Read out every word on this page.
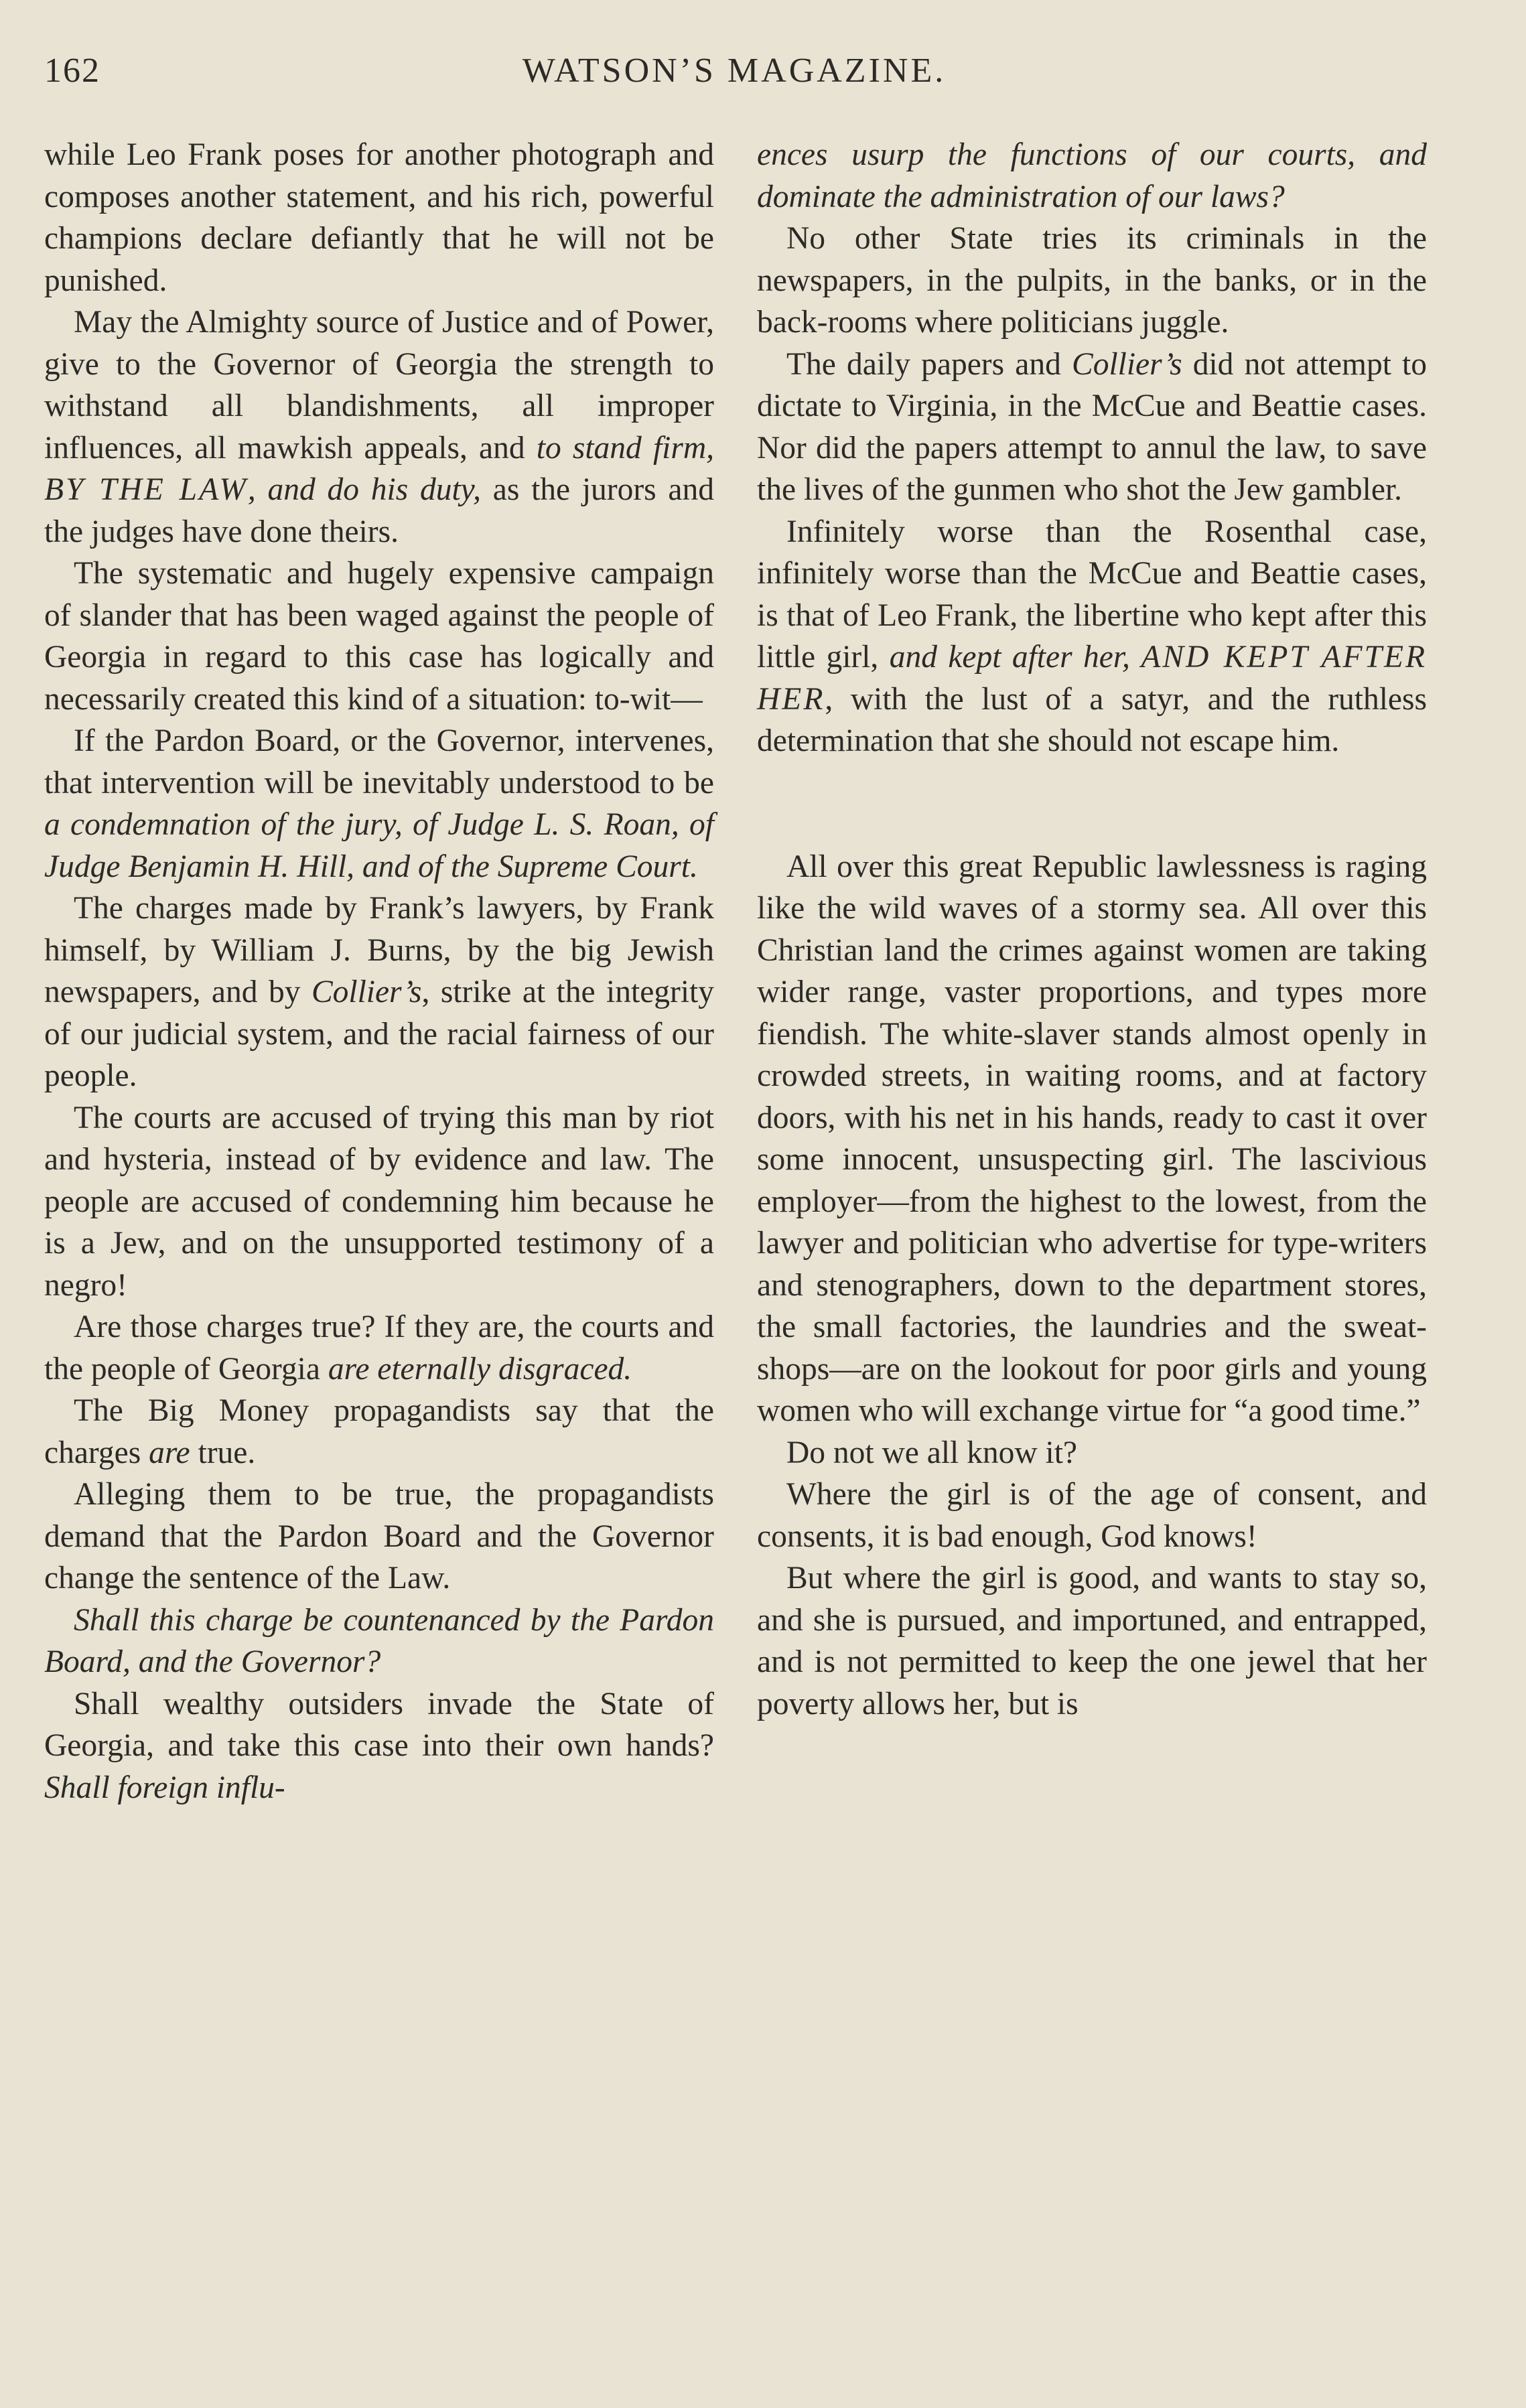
162	WATSON’S MAGAZINE.

while Leo Frank poses for another photograph and composes another statement, and his rich, powerful champions declare defiantly that he will not be punished.

May the Almighty source of Justice and of Power, give to the Governor of Georgia the strength to withstand all blandishments, all improper influences, all mawkish appeals, and to stand firm, BY THE LAW, and do his duty, as the jurors and the judges have done theirs.

The systematic and hugely expensive campaign of slander that has been waged against the people of Georgia in regard to this case has logically and necessarily created this kind of a situation: to-wit—

If the Pardon Board, or the Governor, intervenes, that intervention will be inevitably understood to be a condemnation of the jury, of Judge L. S. Roan, of Judge Benjamin H. Hill, and of the Supreme Court.

The charges made by Frank’s lawyers, by Frank himself, by William J. Burns, by the big Jewish newspapers, and by Collier’s, strike at the integrity of our judicial system, and the racial fairness of our people.

The courts are accused of trying this man by riot and hysteria, instead of by evidence and law. The people are accused of condemning him because he is a Jew, and on the unsupported testimony of a negro!

Are those charges true? If they are, the courts and the people of Georgia are eternally disgraced.

The Big Money propagandists say that the charges are true.

Alleging them to be true, the propagandists demand that the Pardon Board and the Governor change the sentence of the Law.

Shall this charge be countenanced by the Pardon Board, and the Governor?

Shall wealthy outsiders invade the State of Georgia, and take this case into their own hands? Shall foreign influ-

ences usurp the functions of our courts, and dominate the administration of our laws?

No other State tries its criminals in the newspapers, in the pulpits, in the banks, or in the back-rooms where politicians juggle.

The daily papers and Collier’s did not attempt to dictate to Virginia, in the McCue and Beattie cases. Nor did the papers attempt to annul the law, to save the lives of the gunmen who shot the Jew gambler.

Infinitely worse than the Rosenthal case, infinitely worse than the McCue and Beattie cases, is that of Leo Frank, the libertine who kept after this little girl, and kept after her, AND KEPT AFTER HER, with the lust of a satyr, and the ruthless determination that she should not escape him.

All over this great Republic lawlessness is raging like the wild waves of a stormy sea. All over this Christian land the crimes against women are taking wider range, vaster proportions, and types more fiendish. The white-slaver stands almost openly in crowded streets, in waiting rooms, and at factory doors, with his net in his hands, ready to cast it over some innocent, unsuspecting girl. The lascivious employer—from the highest to the lowest, from the lawyer and politician who advertise for type-writers and stenographers, down to the department stores, the small factories, the laundries and the sweat-shops—are on the lookout for poor girls and young women who will exchange virtue for “a good time.”

Do not we all know it?

Where the girl is of the age of consent, and consents, it is bad enough, God knows!

But where the girl is good, and wants to stay so, and she is pursued, and importuned, and entrapped, and is not permitted to keep the one jewel that her poverty allows her, but is
